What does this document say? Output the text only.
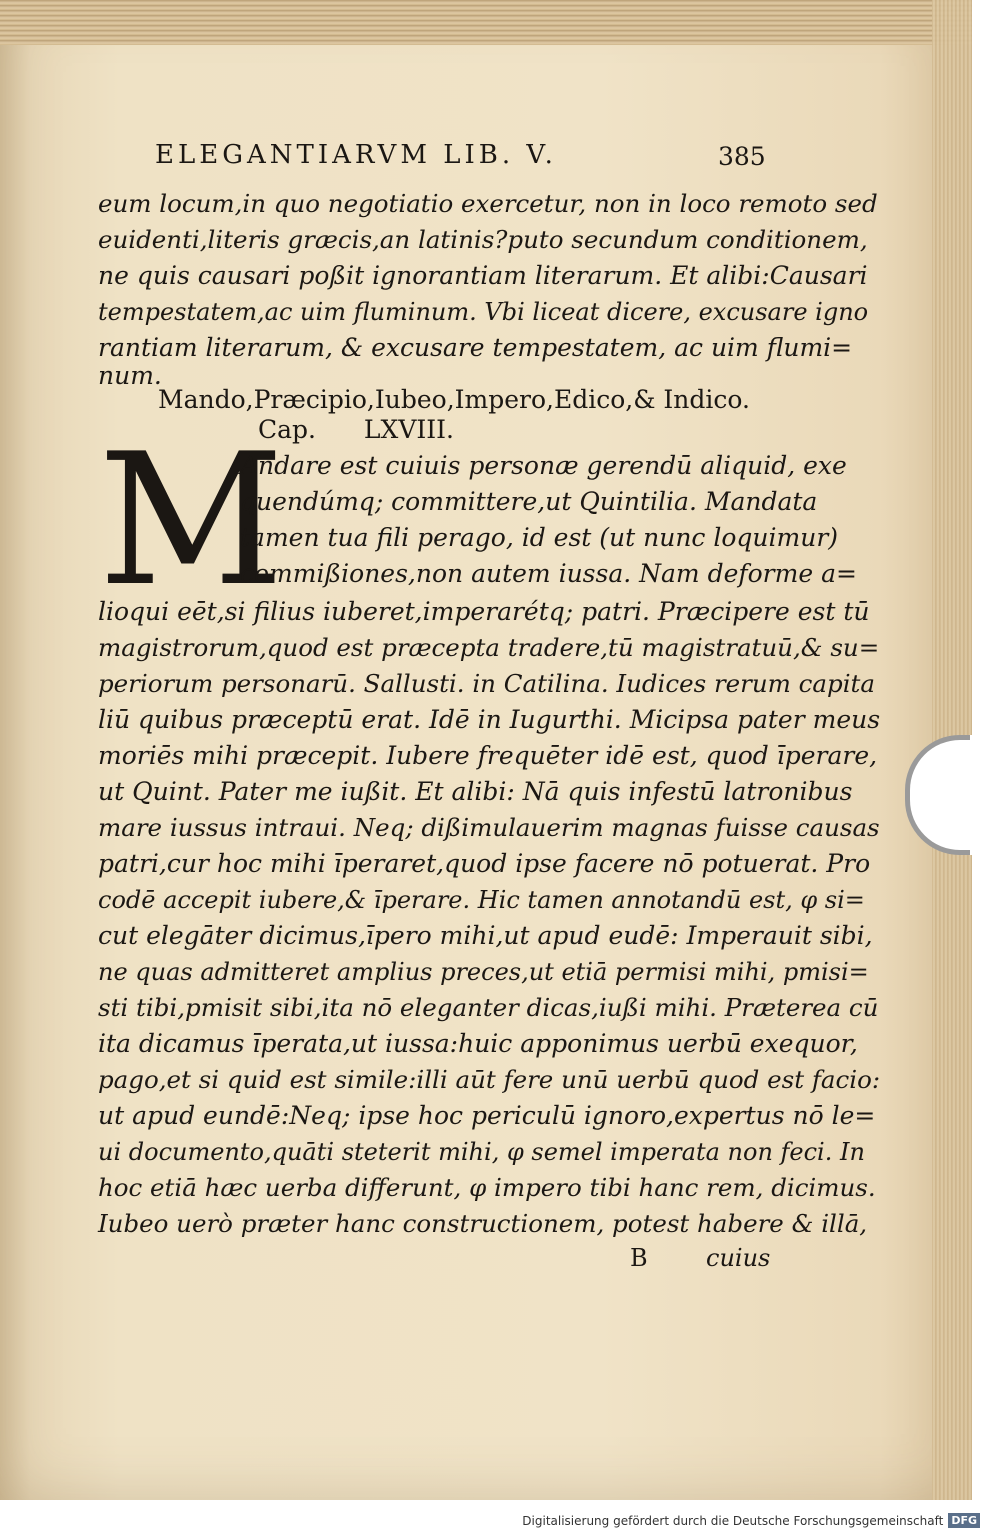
ELEGANTIARVM LIB. V.	385
eum locum,in quo negotiatio exercetur, non in loco remoto sed
euidenti,literis græcis,an latinis?puto secundum conditionem,
ne quis causari poßit ignorantiam literarum. Et alibi:Causari
tempestatem,ac uim fluminum. Vbi liceat dicere, excusare igno
rantiam literarum, & excusare tempestatem, ac uim flumi=
num.
Mando,Præcipio,Iubeo,Impero,Edico,& Indico.
Cap. LXVIII.
M
Andare est cuiuis personæ gerendū aliquid, exe
quendúmq; committere,ut Quintilia. Mandata
tamen tua fili perago, id est (ut nunc loquimur)
commißiones,non autem iussa. Nam deforme a=
lioqui eēt,si filius iuberet,imperarétq; patri. Præcipere est tū
magistrorum,quod est præcepta tradere,tū magistratuū,& su=
periorum personarū. Sallusti. in Catilina. Iudices rerum capita
liū quibus præceptū erat. Idē in Iugurthi. Micipsa pater meus
moriēs mihi præcepit. Iubere frequēter idē est, quod īperare,
ut Quint. Pater me iußit. Et alibi: Nā quis infestū latronibus
mare iussus intraui. Neq; dißimulauerim magnas fuisse causas
patri,cur hoc mihi īperaret,quod ipse facere nō potuerat. Pro
codē accepit iubere,& īperare. Hic tamen annotandū est, φ si=
cut elegāter dicimus,īpero mihi,ut apud eudē: Imperauit sibi,
ne quas admitteret amplius preces,ut etiā permisi mihi, pmisi=
sti tibi,pmisit sibi,ita nō eleganter dicas,iußi mihi. Præterea cū
ita dicamus īperata,ut iussa:huic apponimus uerbū exequor,
pago,et si quid est simile:illi aūt fere unū uerbū quod est facio:
ut apud eundē:Neq; ipse hoc periculū ignoro,expertus nō le=
ui documento,quāti steterit mihi, φ semel imperata non feci. In
hoc etiā hæc uerba differunt, φ impero tibi hanc rem, dicimus.
Iubeo uerò præter hanc constructionem, potest habere & illā,
B cuius
Digitalisierung gefördert durch die Deutsche Forschungsgemeinschaft DFG
